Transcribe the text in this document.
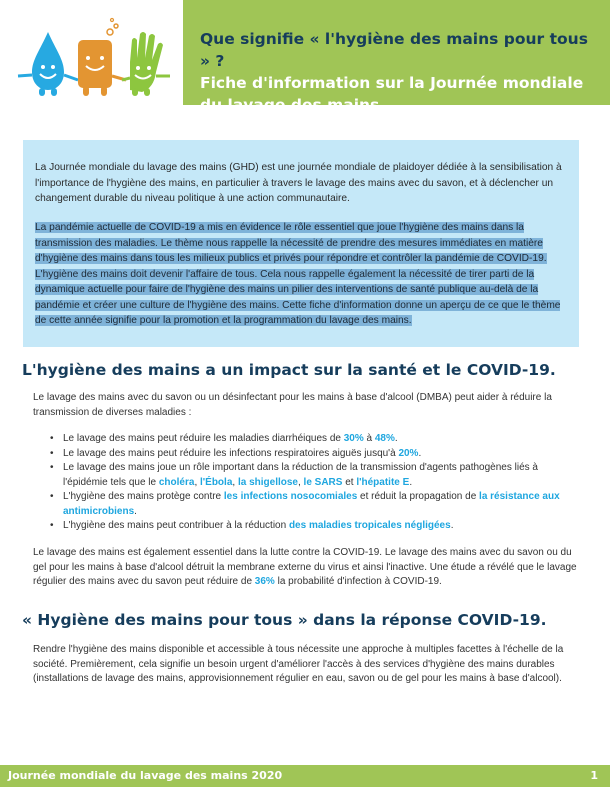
Que signifie « l'hygiène des mains pour tous » ?
Fiche d'information sur la Journée mondiale du lavage des mains

La Journée mondiale du lavage des mains (GHD) est une journée mondiale de plaidoyer dédiée à la sensibilisation à l'importance de l'hygiène des mains, en particulier à travers le lavage des mains avec du savon, et à déclencher un changement durable du niveau politique à une action communautaire.

La pandémie actuelle de COVID-19 a mis en évidence le rôle essentiel que joue l'hygiène des mains dans la transmission des maladies. Le thème nous rappelle la nécessité de prendre des mesures immédiates en matière d'hygiène des mains dans tous les milieux publics et privés pour répondre et contrôler la pandémie de COVID-19. L'hygiène des mains doit devenir l'affaire de tous. Cela nous rappelle également la nécessité de tirer parti de la dynamique actuelle pour faire de l'hygiène des mains un pilier des interventions de santé publique au-delà de la pandémie et créer une culture de l'hygiène des mains. Cette fiche d'information donne un aperçu de ce que le thème de cette année signifie pour la promotion et la programmation du lavage des mains.

L'hygiène des mains a un impact sur la santé et le COVID-19.

Le lavage des mains avec du savon ou un désinfectant pour les mains à base d'alcool (DMBA) peut aider à réduire la transmission de diverses maladies :

• Le lavage des mains peut réduire les maladies diarrhéiques de 30% à 48%.
• Le lavage des mains peut réduire les infections respiratoires aiguës jusqu'à 20%.
• Le lavage des mains joue un rôle important dans la réduction de la transmission d'agents pathogènes liés à l'épidémie tels que le choléra, l'Ébola, la shigellose, le SARS et l'hépatite E.
• L'hygiène des mains protège contre les infections nosocomiales et réduit la propagation de la résistance aux antimicrobiens.
• L'hygiène des mains peut contribuer à la réduction des maladies tropicales négligées.

Le lavage des mains est également essentiel dans la lutte contre la COVID-19. Le lavage des mains avec du savon ou du gel pour les mains à base d'alcool détruit la membrane externe du virus et ainsi l'inactive. Une étude a révélé que le lavage régulier des mains avec du savon peut réduire de 36% la probabilité d'infection à COVID-19.

« Hygiène des mains pour tous » dans la réponse COVID-19.

Rendre l'hygiène des mains disponible et accessible à tous nécessite une approche à multiples facettes à l'échelle de la société. Premièrement, cela signifie un besoin urgent d'améliorer l'accès à des services d'hygiène des mains durables (installations de lavage des mains, approvisionnement régulier en eau, savon ou de gel pour les mains à base d'alcool).

Journée mondiale du lavage des mains 2020	1
